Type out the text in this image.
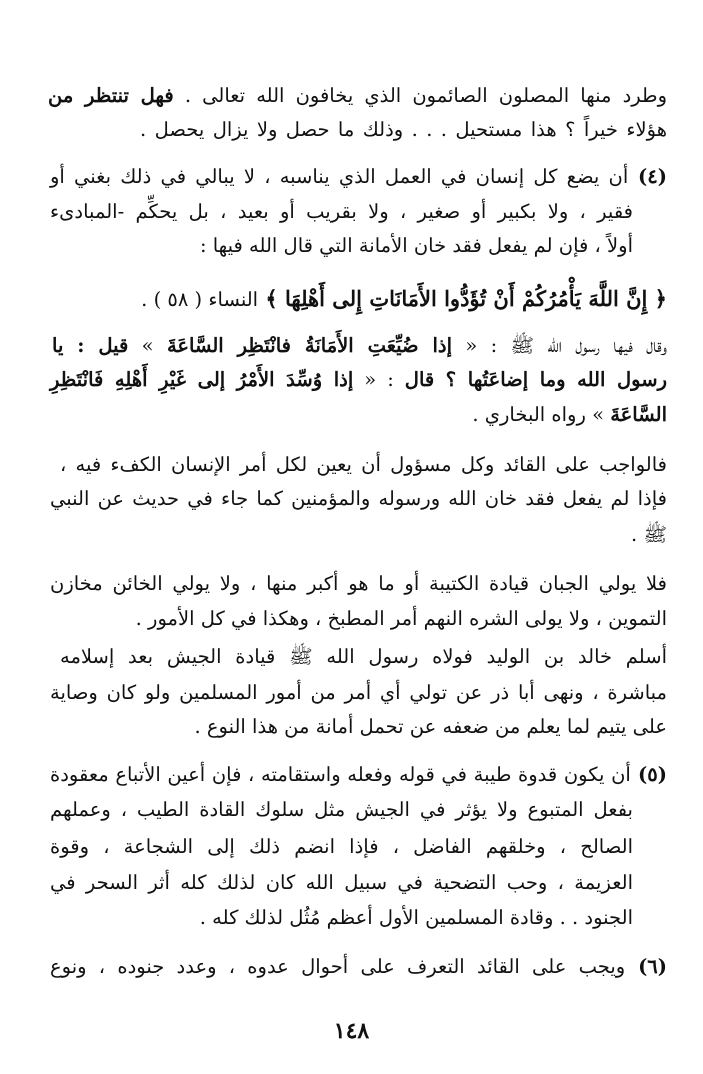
وطرد منها المصلون الصائمون الذي يخافون الله تعالى . فهل تنتظر من
هؤلاء خيراً ؟ هذا مستحيل . . . وذلك ما حصل ولا يزال يحصل .
(٤) أن يضع كل إنسان في العمل الذي يناسبه ، لا يبالي في ذلك بغني أو
فقير ، ولا بكبير أو صغير ، ولا بقريب أو بعيد ، بل يحكِّم -المبادىء
أولاً ، فإن لم يفعل فقد خان الأمانة التي قال الله فيها :
﴿ إِنَّ اللَّهَ يَأْمُرُكُمْ أَنْ تُؤَدُّوا الأَمَانَاتِ إِلى أَهْلِهَا ﴾ النساء ( ٥٨ ) .
وقال فيها رسول الله ﷺ : « إذا ضُيِّعَتِ الأَمَانَةُ فانْتَظِر السَّاعَةَ » قيل : يا
رسول الله وما إضاعَتُها ؟ قال : « إذا وُسِّدَ الأَمْرُ إلى غَيْرِ أَهْلِهِ فَانْتَظِرِ
السَّاعَةَ » رواه البخاري .
فالواجب على القائد وكل مسؤول أن يعين لكل أمر الإنسان الكفء فيه ،
فإذا لم يفعل فقد خان الله ورسوله والمؤمنين كما جاء في حديث عن النبي
ﷺ .
فلا يولي الجبان قيادة الكتيبة أو ما هو أكبر منها ، ولا يولي الخائن مخازن
التموين ، ولا يولى الشره النهم أمر المطبخ ، وهكذا في كل الأمور .
أسلم خالد بن الوليد فولاه رسول الله ﷺ قيادة الجيش بعد إسلامه
مباشرة ، ونهى أبا ذر عن تولي أي أمر من أمور المسلمين ولو كان وصاية
على يتيم لما يعلم من ضعفه عن تحمل أمانة من هذا النوع .
(٥) أن يكون قدوة طيبة في قوله وفعله واستقامته ، فإن أعين الأتباع معقودة
بفعل المتبوع ولا يؤثر في الجيش مثل سلوك القادة الطيب ، وعملهم
الصالح ، وخلقهم الفاضل ، فإذا انضم ذلك إلى الشجاعة ، وقوة
العزيمة ، وحب التضحية في سبيل الله كان لذلك كله أثر السحر في
الجنود . . وقادة المسلمين الأول أعظم مُثُل لذلك كله .
(٦) ويجب على القائد التعرف على أحوال عدوه ، وعدد جنوده ، ونوع
١٤٨
